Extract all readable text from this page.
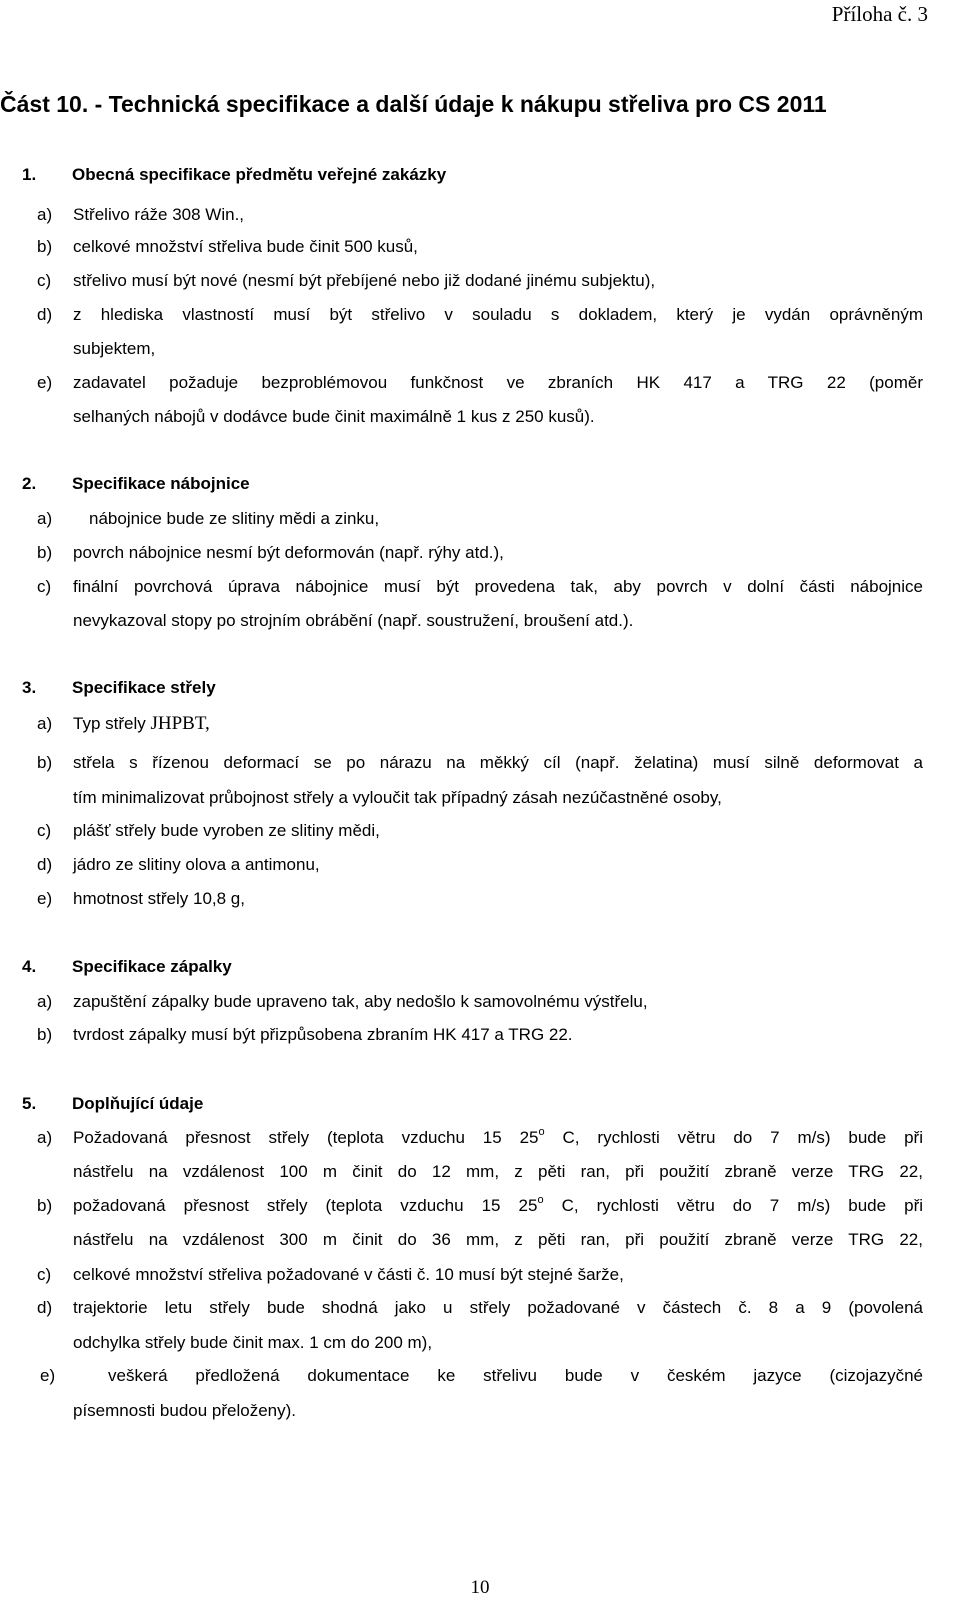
Příloha č. 3
Část 10. - Technická specifikace a další údaje k nákupu střeliva pro CS 2011
1. Obecná specifikace předmětu veřejné zakázky
a) Střelivo ráže 308 Win.,
b) celkové množství střeliva bude činit 500 kusů,
c) střelivo musí být nové (nesmí být přebíjené nebo již dodané jinému subjektu),
d) z hlediska vlastností musí být střelivo v souladu s dokladem, který je vydán oprávněným
subjektem,
e) zadavatel požaduje bezproblémovou funkčnost ve zbraních HK 417 a TRG 22 (poměr
selhaných nábojů v dodávce bude činit maximálně 1 kus z 250 kusů).
2. Specifikace nábojnice
a) nábojnice bude ze slitiny mědi a zinku,
b) povrch nábojnice nesmí být deformován (např. rýhy atd.),
c) finální povrchová úprava nábojnice musí být provedena tak, aby povrch v dolní části nábojnice
nevykazoval stopy po strojním obrábění (např. soustružení, broušení atd.).
3. Specifikace střely
a) Typ střely JHPBT,
b) střela s řízenou deformací se po nárazu na měkký cíl (např. želatina) musí silně deformovat a
tím minimalizovat průbojnost střely a vyloučit tak případný zásah nezúčastněné osoby,
c) plášť střely bude vyroben ze slitiny mědi,
d) jádro ze slitiny olova a antimonu,
e) hmotnost střely 10,8 g,
4. Specifikace zápalky
a) zapuštění zápalky bude upraveno tak, aby nedošlo k samovolnému výstřelu,
b) tvrdost zápalky musí být přizpůsobena zbraním HK 417 a TRG 22.
5. Doplňující údaje
a) Požadovaná přesnost střely (teplota vzduchu 15 25$^o$ C, rychlosti větru do 7 m/s) bude při
nástřelu na vzdálenost 100 m činit do 12 mm, z pěti ran, při použití zbraně verze TRG 22,
b) požadovaná přesnost střely (teplota vzduchu 15 25$^o$ C, rychlosti větru do 7 m/s) bude při
nástřelu na vzdálenost 300 m činit do 36 mm, z pěti ran, při použití zbraně verze TRG 22,
c) celkové množství střeliva požadované v části č. 10 musí být stejné šarže,
d) trajektorie letu střely bude shodná jako u střely požadované v částech č. 8 a 9 (povolená
odchylka střely bude činit max. 1 cm do 200 m),
e)	veškerá předložená dokumentace ke střelivu bude v českém jazyce (cizojazyčné
písemnosti budou přeloženy).
10
